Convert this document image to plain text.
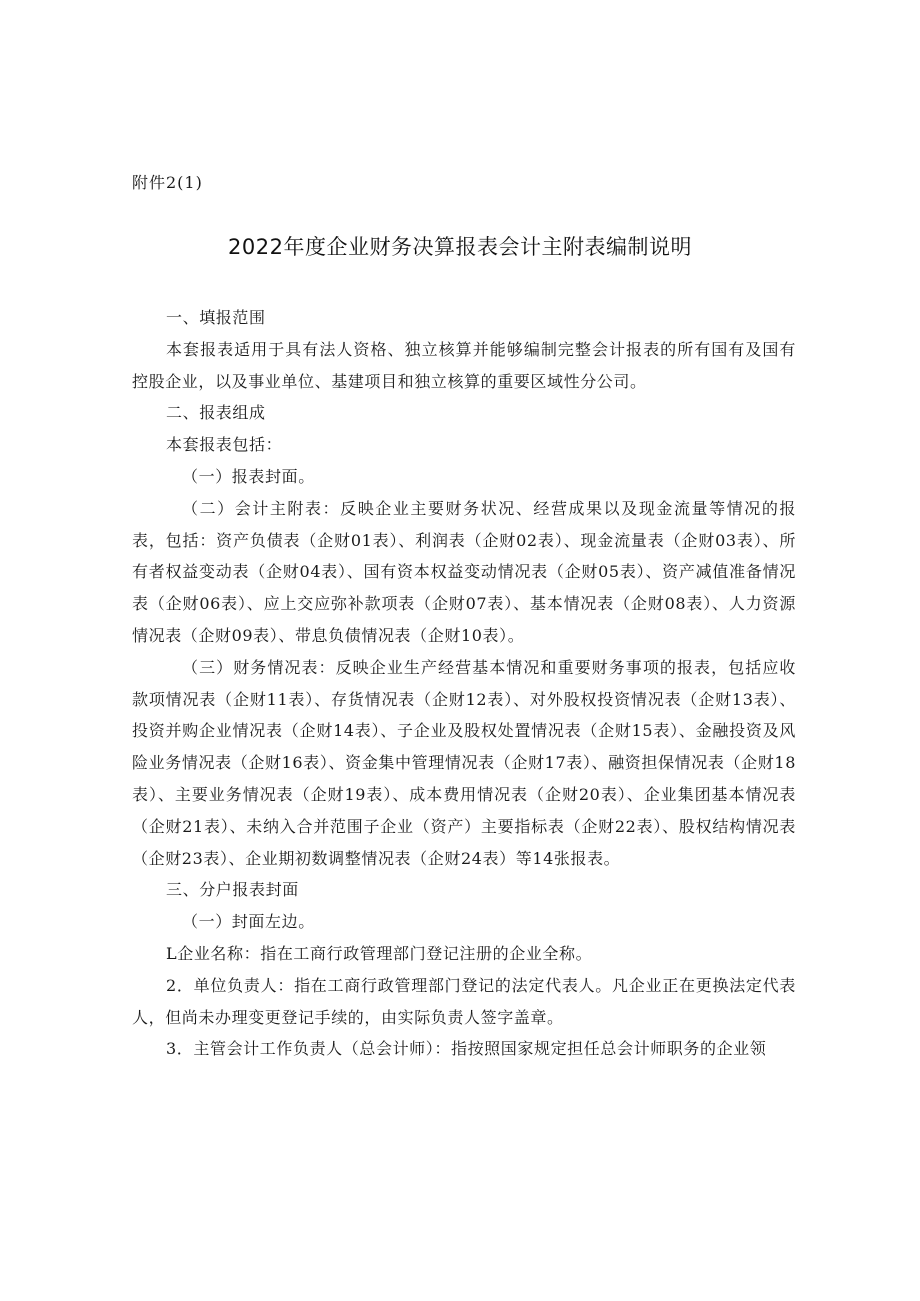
附件2(1)
2022年度企业财务决算报表会计主附表编制说明

一、填报范围

本套报表适用于具有法人资格、独立核算并能够编制完整会计报表的所有国有及国有控股企业，以及事业单位、基建项目和独立核算的重要区域性分公司。

二、报表组成

本套报表包括：

（一）报表封面。

（二）会计主附表：反映企业主要财务状况、经营成果以及现金流量等情况的报表，包括：资产负债表（企财01表）、利润表（企财02表）、现金流量表（企财03表）、所有者权益变动表（企财04表）、国有资本权益变动情况表（企财05表）、资产减值准备情况表（企财06表）、应上交应弥补款项表（企财07表）、基本情况表（企财08表）、人力资源情况表（企财09表）、带息负债情况表（企财10表）。

（三）财务情况表：反映企业生产经营基本情况和重要财务事项的报表，包括应收款项情况表（企财11表）、存货情况表（企财12表）、对外股权投资情况表（企财13表）、投资并购企业情况表（企财14表）、子企业及股权处置情况表（企财15表）、金融投资及风险业务情况表（企财16表）、资金集中管理情况表（企财17表）、融资担保情况表（企财18表）、主要业务情况表（企财19表）、成本费用情况表（企财20表）、企业集团基本情况表（企财21表）、未纳入合并范围子企业（资产）主要指标表（企财22表）、股权结构情况表（企财23表）、企业期初数调整情况表（企财24表）等14张报表。

三、分户报表封面

（一）封面左边。

L企业名称：指在工商行政管理部门登记注册的企业全称。

2．单位负责人：指在工商行政管理部门登记的法定代表人。凡企业正在更换法定代表人，但尚未办理变更登记手续的，由实际负责人签字盖章。

3．主管会计工作负责人（总会计师）：指按照国家规定担任总会计师职务的企业领
